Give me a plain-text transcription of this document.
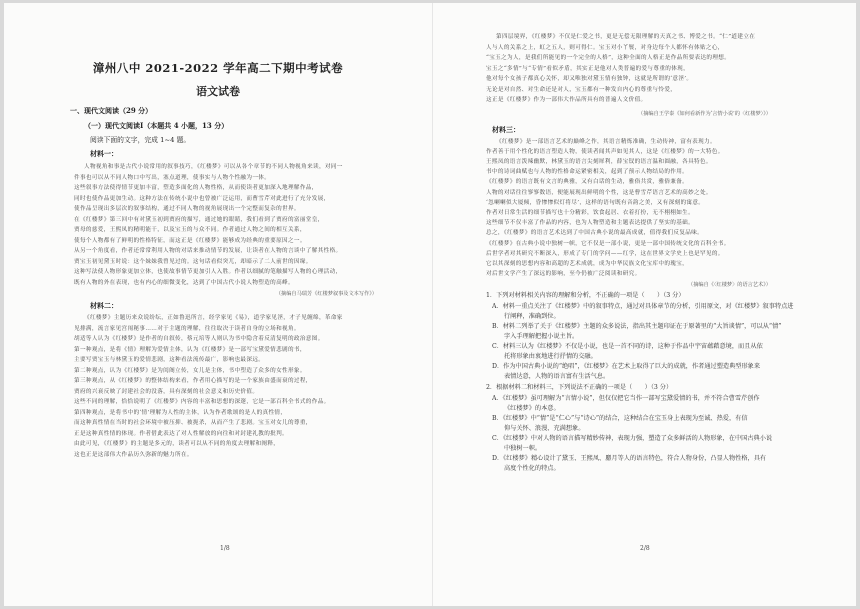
漳州八中 2021-2022 学年高二下期中考试卷
语文试卷
一、现代文阅读（29 分）
（一）现代文阅读Ⅰ（本题共 4 小题，13 分）
阅读下面的文字，完成 1~4 题。
材料一：
（摘编自马瑞芳《红楼梦叙事及文本写作》）
材料二：
1/8
人物视角和事是古代小说常用的叙事技巧，《红楼梦》可以从各个章节的不同人物视角来读，对同一
件事也可以从不同人物口中写出，塞点道理，使事实与人物个性融为一体。
这些叙事方法使得情节更加丰富，塑造多面化的人物性格，从而使读者更加深入地理解作品，
同时也使作品更加生动。这种方法在传统小说中也曾被广泛运用，而曹雪芹对此进行了充分发展，
使作品呈现出多层次的叙事结构，通过不同人物的视角展现出一个完整而复杂的世界。
在《红楼梦》第三回中有对黛玉初到贾府的描写，通过她的眼睛，我们看到了贾府的富丽堂皇，
贾母的慈爱，王熙凤的精明能干，以及宝玉的与众不同。作者通过人物之间的相互关系，
使每个人物都有了鲜明的性格特征，而这正是《红楼梦》能够成为经典的重要原因之一。
从另一个角度看，作者还常常利用人物的对话来推动情节的发展，让读者在人物的言谈中了解其性格。
贾宝玉初见黛玉时说：这个妹妹我曾见过的。这句话看似突兀，却暗示了二人前世的因缘。
这种写法使人物形象更加立体，也使故事情节更加引人入胜。作者以细腻的笔触描写人物的心理活动，
既有人物的外在表现，也有内心的细微变化，达到了中国古代小说人物塑造的高峰。
《红楼梦》主题历来众说纷纭，正如鲁迅所言，经学家见《易》，道学家见淫，才子见缠绵，革命家
见排满，流言家见宫闱秘事……对于主题的理解，往往取决于读者自身的立场和视角。
胡适等人认为《红楼梦》是作者的自叙传，蔡元培等人则认为书中隐含着反清复明的政治意图。
第一种观点，是将《情》理解为爱情主体，认为《红楼梦》是一部写宝黛爱情悲剧的书，
主要写贾宝玉与林黛玉的爱情悲剧，这种看法流传最广，影响也最深远。
第二种观点，认为《红楼梦》是为闺阁立传，女儿是主体，书中塑造了众多的女性形象。
第三种观点，从《红楼梦》的整体结构来看，作者用心描写的是一个家族由盛而衰的过程，
贾府的兴衰反映了封建社会的没落，具有深刻的社会意义和历史价值。
这些不同的理解，恰恰说明了《红楼梦》内容的丰富和思想的深邃，它是一部百科全书式的作品。
第四种观点，是将书中的‘情’理解为人性的主体，认为作者歌颂的是人的真性情，
而这种真性情在当时的社会环境中被压抑、被扼杀，从而产生了悲剧。宝玉对女儿的尊重，
正是这种真性情的体现。作者借此表达了对人性解放的向往和对封建礼教的批判。
由此可见，《红楼梦》的主题是多元的，读者可以从不同的角度去理解和阐释，
这也正是这部伟大作品历久弥新的魅力所在。
（摘编自王学泰《如何看新作为‘言情小说’的〈红楼梦〉》）
材料三：
（摘编自《〈红楼梦〉的语言艺术》）
1．下列对材料相关内容的理解和分析，不正确的一项是（　　）（3 分）
2．根据材料二和材料三，下列说法不正确的一项是（　　）（3 分）
2/8
第四层境界，《红楼梦》不仅是仁爱之书，更是无偿无限理解的天真之书、博爱之书。“仁”道建立在
人与人的关系之上，虹之五人，则可得仁。宝玉对小丫鬟，对身边每个人都怀有体贴之心，
“宝玉之为人，是我们所能见的一个完全的人格”，这种全面的人格正是作品所要表达的理想。
宝玉之“多情”与“专情”看似矛盾，其实正是他对人类普遍的爱与尊重的体现，
他对每个女孩子都真心关怀，却又唯独对黛玉情有独钟，这就是所谓的‘意淫’。
无论是对自然、对生命还是对人，宝玉都有一种发自内心的尊重与怜爱，
这正是《红楼梦》作为一部伟大作品所具有的普遍人文价值。
《红楼梦》是一部语言艺术的巅峰之作，其语言精炼准确，生动传神，富有表现力。
作者善于用个性化的语言塑造人物，使读者闻其声如见其人，这是《红楼梦》的一大特色。
王熙凤的语言泼辣幽默，林黛玉的语言尖刻犀利，薛宝钗的语言温和圆融，各具特色。
书中的诗词曲赋也与人物的性格命运紧密相关，起到了预示人物结局的作用。
《红楼梦》的语言既有文言的典雅，又有白话的生动，雅俗共赏，雅俗兼备。
人物的对话往往寥寥数语，便能展现出鲜明的个性，这是曹雪芹语言艺术的高妙之处。
‘忽喇喇似大厦倾，昏惨惨似灯将尽’，这样的语句既有音韵之美，又有深刻的寓意。
作者对日常生活的细节描写也十分精彩，饮食起居、衣着打扮，无不栩栩如生。
这些细节不仅丰富了作品的内容，也为人物塑造和主题表达提供了坚实的基础。
总之，《红楼梦》的语言艺术达到了中国古典小说的最高成就，值得我们反复品味。
《红楼梦》在古典小说中独树一帜，它不仅是一部小说，更是一部中国传统文化的百科全书。
后世学者对其研究不断深入，形成了专门的学问——红学，这在世界文学史上也是罕见的。
它以其深刻的思想内容和高超的艺术成就，成为中华民族文化宝库中的瑰宝，
对后世文学产生了深远的影响，至今仍被广泛阅读和研究。
A．材料一重点关注了《红楼梦》中的叙事特点，通过对具体章节的分析，引用原文，对《红楼梦》叙事特点进
行阐释，准确到位。
B．材料二列举了关于《红楼梦》主题的众多说法，指出其主题印证在于原著里的“大旨谈情”，可以从“情”
字入手理解把握小说主旨。
C．材料三认为《红楼梦》不仅是小说，也是一首不同的诗，这种于作品中宇宙蕴藉意境，而且从依
托将形象由衷地进行抒情的交融。
D．作为中国古典小说的“绝唱”，《红楼梦》在艺术上取得了巨大的成就，作者通过塑造典型形象来
表情达意，人物的语言富有生活气息。
A．《红楼梦》虽可理解为“言情小说”，但仅仅把它当作一部写宝黛爱情的书，并不符合曹雪芹创作
《红楼梦》的本意。
B．《红楼梦》中“情”是“仁心”与“诗心”的结合，这种结合在宝玉身上表现为至诚、热爱，有信
仰与关怀、浪漫、充满想象。
C．《红楼梦》中对人物的语言描写精妙传神，表现力强，塑造了众多鲜活的人物形象，在中国古典小说
中独树一帜。
D．《红楼梦》精心设计了黛玉、王熙凤、麝月等人的语言特色，符合人物身份，凸显人物性格，具有
高度个性化的特点。
